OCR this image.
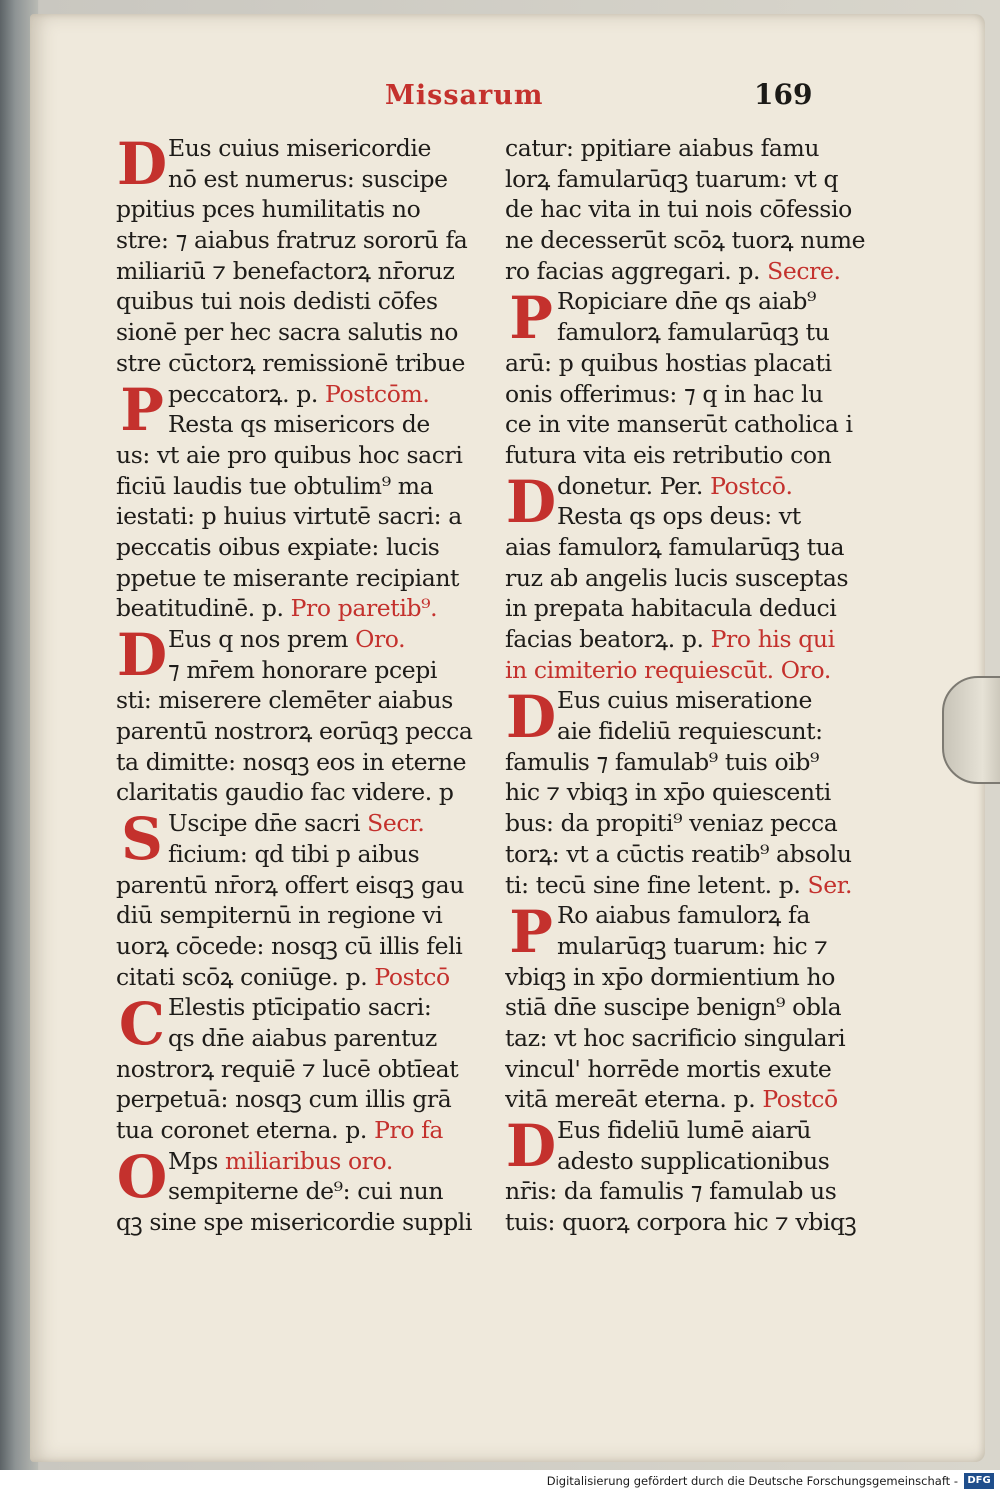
Missarum	169
Eus cuius misericordie
nō est numerus: suscipe
ppitius pces humilitatis no
stre: ⁊ aiabus fratruz sororū fa
miliariū ⁊ benefactorꝝ nr̄oruz
quibus tui nois dedisti cōfes
sionē per hec sacra salutis no
stre cūctorꝝ remissionē tribue
peccatorꝝ. p. Postcōm.
Resta qs misericors de
us: vt aie pro quibus hoc sacri
ficiū laudis tue obtulim⁹ ma
iestati: p huius virtutē sacri: a
peccatis oibus expiate: lucis
ppetue te miserante recipiant
beatitudinē. p. Pro paretib⁹.
Eus q nos prem Oro.
⁊ mr̄em honorare pcepi
sti: miserere clemēter aiabus
parentū nostrorꝝ eorūqꝫ pecca
ta dimitte: nosqꝫ eos in eterne
claritatis gaudio fac videre. p
Uscipe dn̄e sacri Secr.
ficium: qd tibi p aibus
parentū nr̄orꝝ offert eisqꝫ gau
diū sempiternū in regione vi
uorꝝ cōcede: nosqꝫ cū illis feli
citati scōꝝ coniūge. p. Postcō
Elestis ptīcipatio sacri:
qs dn̄e aiabus parentuz
nostrorꝝ requiē ⁊ lucē obtīeat
perpetuā: nosqꝫ cum illis grā
tua coronet eterna. p. Pro fa
Mps miliaribus oro.
sempiterne de⁹: cui nun
qꝫ sine spe misericordie suppli
D
P
D
S
C
O
catur: ppitiare aiabus famu
lorꝝ famularūqꝫ tuarum: vt q
de hac vita in tui nois cōfessio
ne decesserūt scōꝝ tuorꝝ nume
ro facias aggregari. p. Secre.
Ropiciare dn̄e qs aiab⁹
famulorꝝ famularūqꝫ tu
arū: p quibus hostias placati
onis offerimus: ⁊ q in hac lu
ce in vite manserūt catholica i
futura vita eis retributio con
donetur. Per. Postcō.
Resta qs ops deus: vt
aias famulorꝝ famularūqꝫ tua
ruz ab angelis lucis susceptas
in prepata habitacula deduci
facias beatorꝝ. p. Pro his qui
in cimiterio requiescūt. Oro.
Eus cuius miseratione
aie fideliū requiescunt:
famulis ⁊ famulab⁹ tuis oib⁹
hic ⁊ vbiqꝫ in xp̄o quiescenti
bus: da propiti⁹ veniaz pecca
torꝝ: vt a cūctis reatib⁹ absolu
ti: tecū sine fine letent. p. Ser.
Ro aiabus famulorꝝ fa
mularūqꝫ tuarum: hic ⁊
vbiqꝫ in xp̄o dormientium ho
stiā dn̄e suscipe benign⁹ obla
taz: vt hoc sacrificio singulari
vincul' horrēde mortis exute
vitā mereāt eterna. p. Postcō
Eus fideliū lumē aiarū
adesto supplicationibus
nr̄is: da famulis ⁊ famulab us
tuis: quorꝝ corpora hic ⁊ vbiqꝫ
P
D
D
P
D
Digitalisierung gefördert durch die Deutsche Forschungsgemeinschaft - DFG
